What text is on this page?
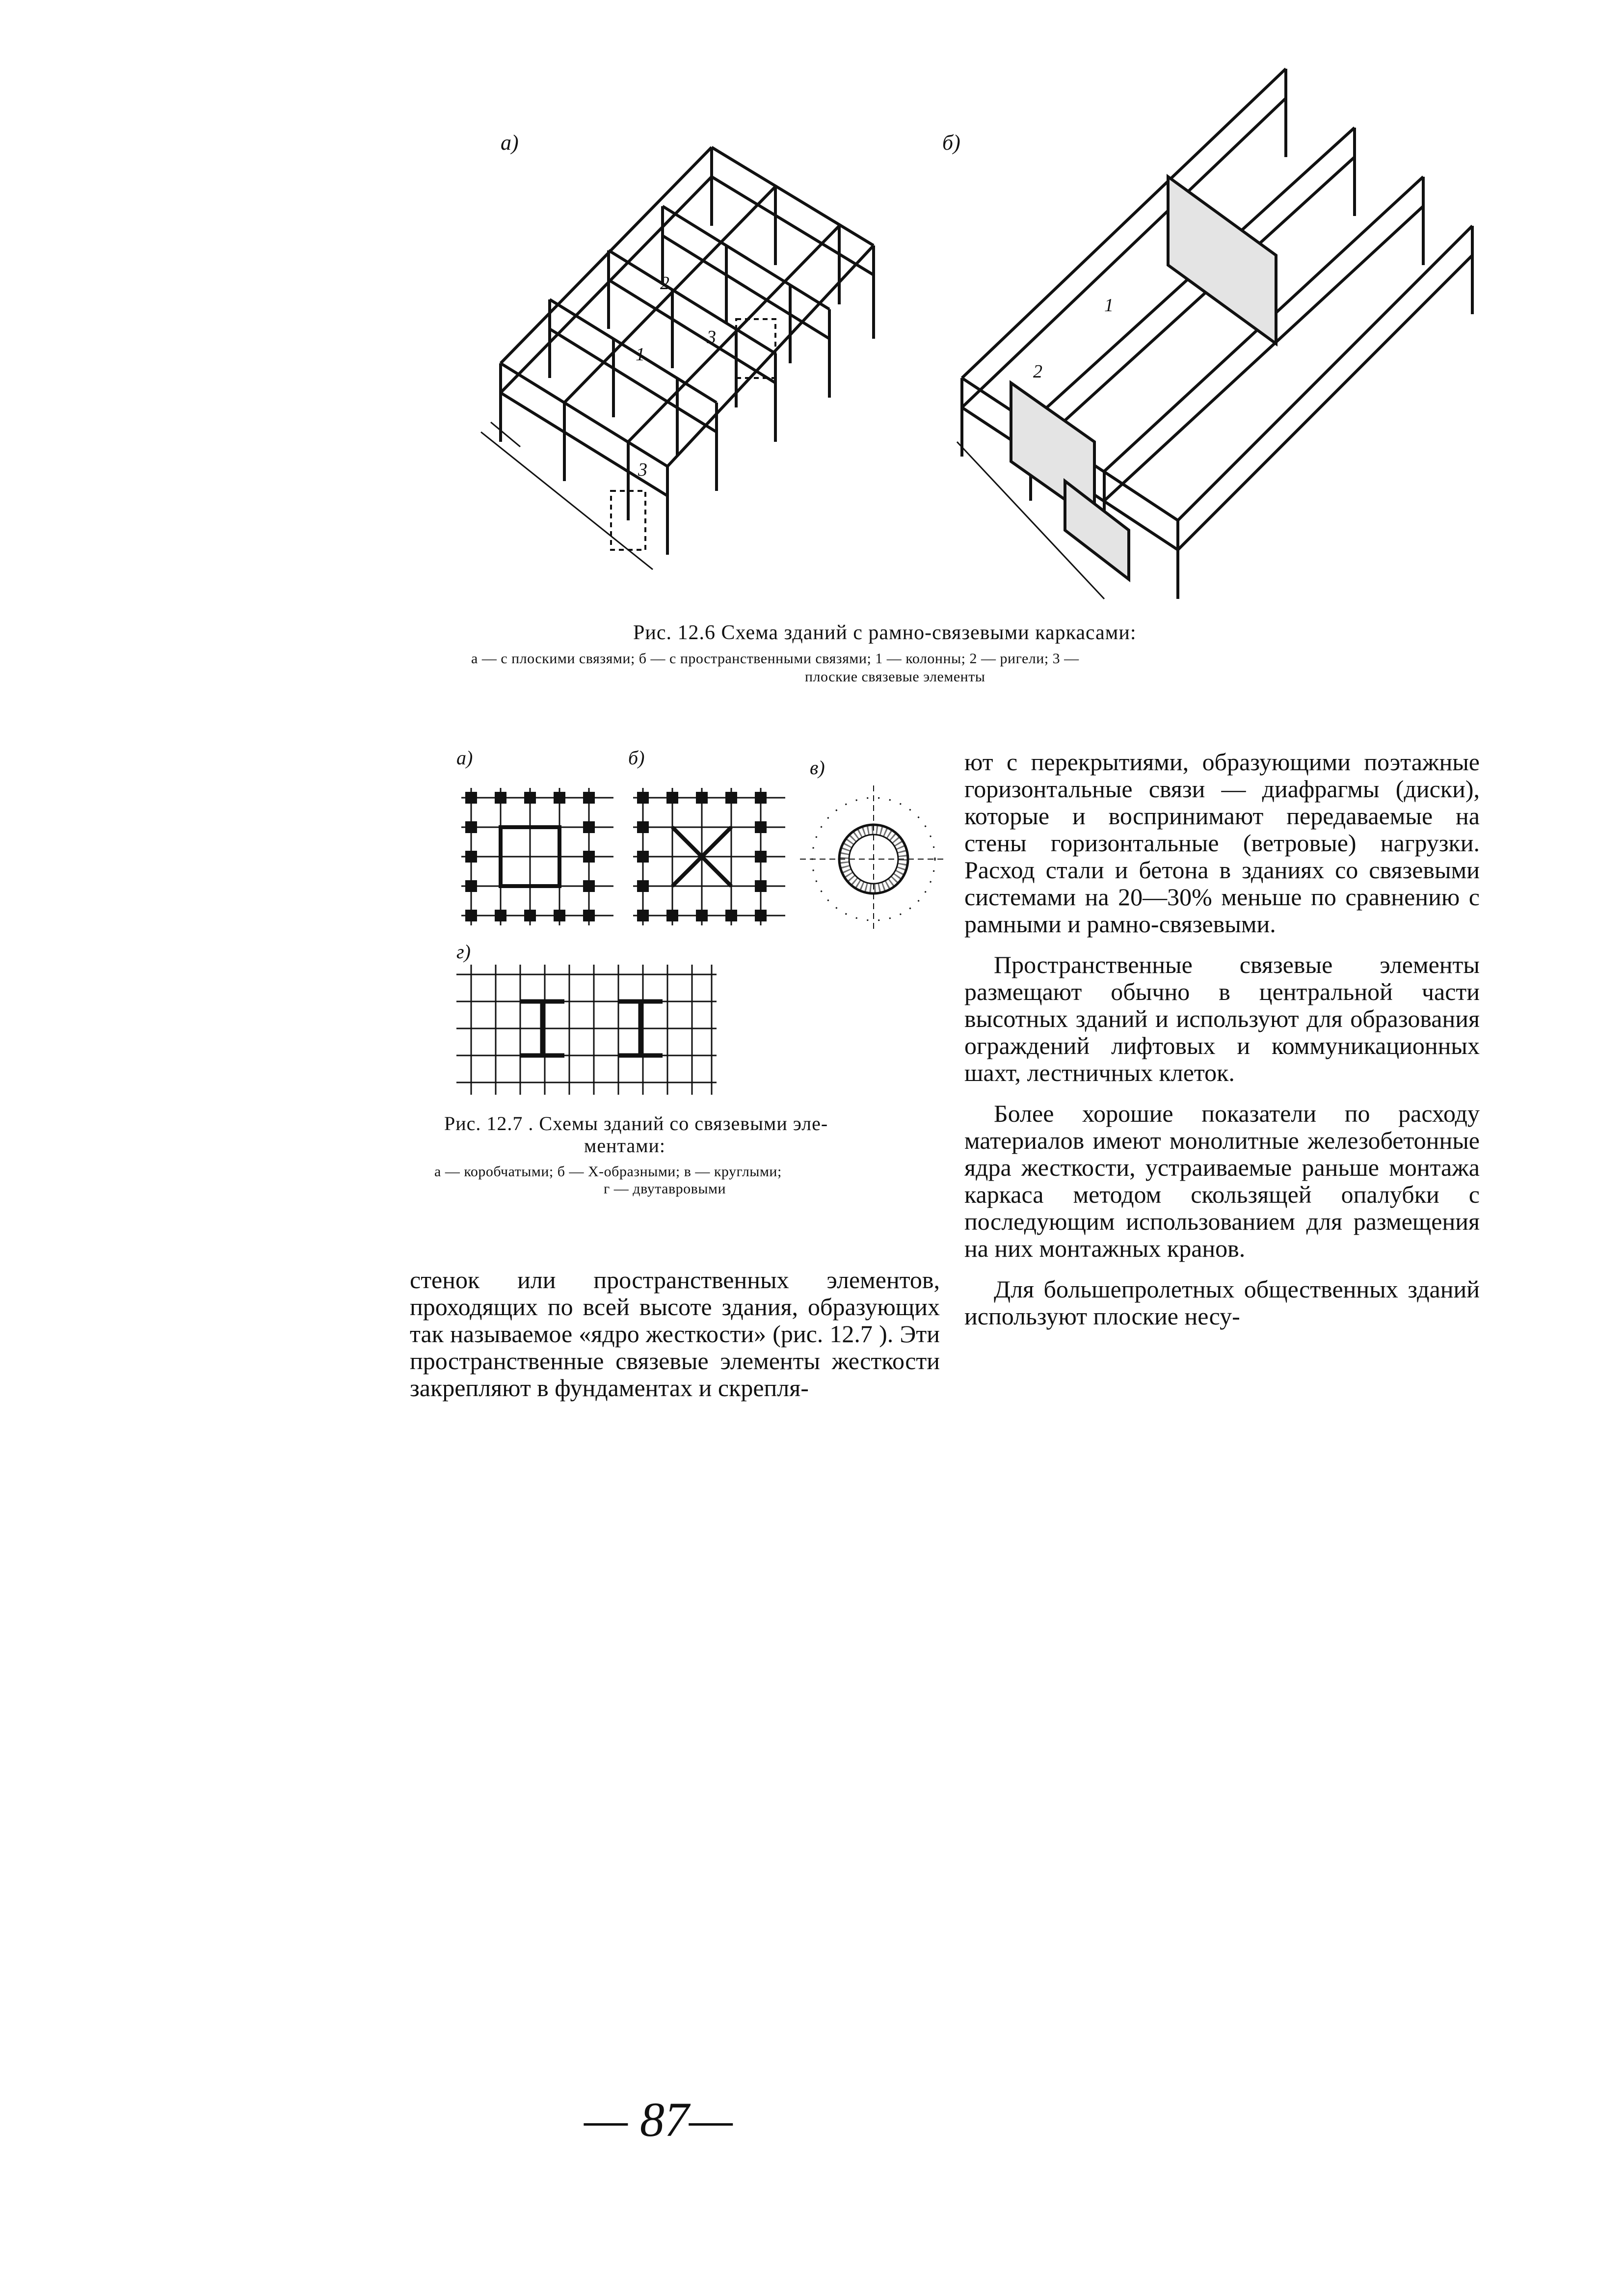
а)	б)
2
1
3
3
1
2
Рис. 12.6 Схема зданий с рамно-связевыми каркасами:
а — с плоскими связями; б — с пространственными связями; 1 — колонны; 2 — ригели; 3 —
плоские связевые элементы
а)	б)	в)
г)
Рис. 12.7 . Схемы зданий со связевыми эле-
ментами:
а — коробчатыми; б — Х-образными; в — круглыми;
г — двутавровыми

ют с перекрытиями, образующими поэтажные горизонтальные связи — диафрагмы (диски), которые и воспринимают передаваемые на стены горизонтальные (ветровые) нагрузки. Расход стали и бетона в зданиях со связевыми системами на 20—30% меньше по сравнению с рамными и рамно-связевыми.

Пространственные связевые элементы размещают обычно в центральной части высотных зданий и используют для образования ограждений лифтовых и коммуникационных шахт, лестничных клеток.

Более хорошие показатели по расходу материалов имеют монолитные железобетонные ядра жесткости, устраиваемые раньше монтажа каркаса методом скользящей опалубки с последующим использованием для размещения на них монтажных кранов.

Для большепролетных общественных зданий используют плоские несу-

стенок или пространственных элементов, проходящих по всей высоте здания, образующих так называемое «ядро жесткости» (рис. 12.7 ). Эти пространственные связевые элементы жесткости закрепляют в фундаментах и скрепля-

— 87—
